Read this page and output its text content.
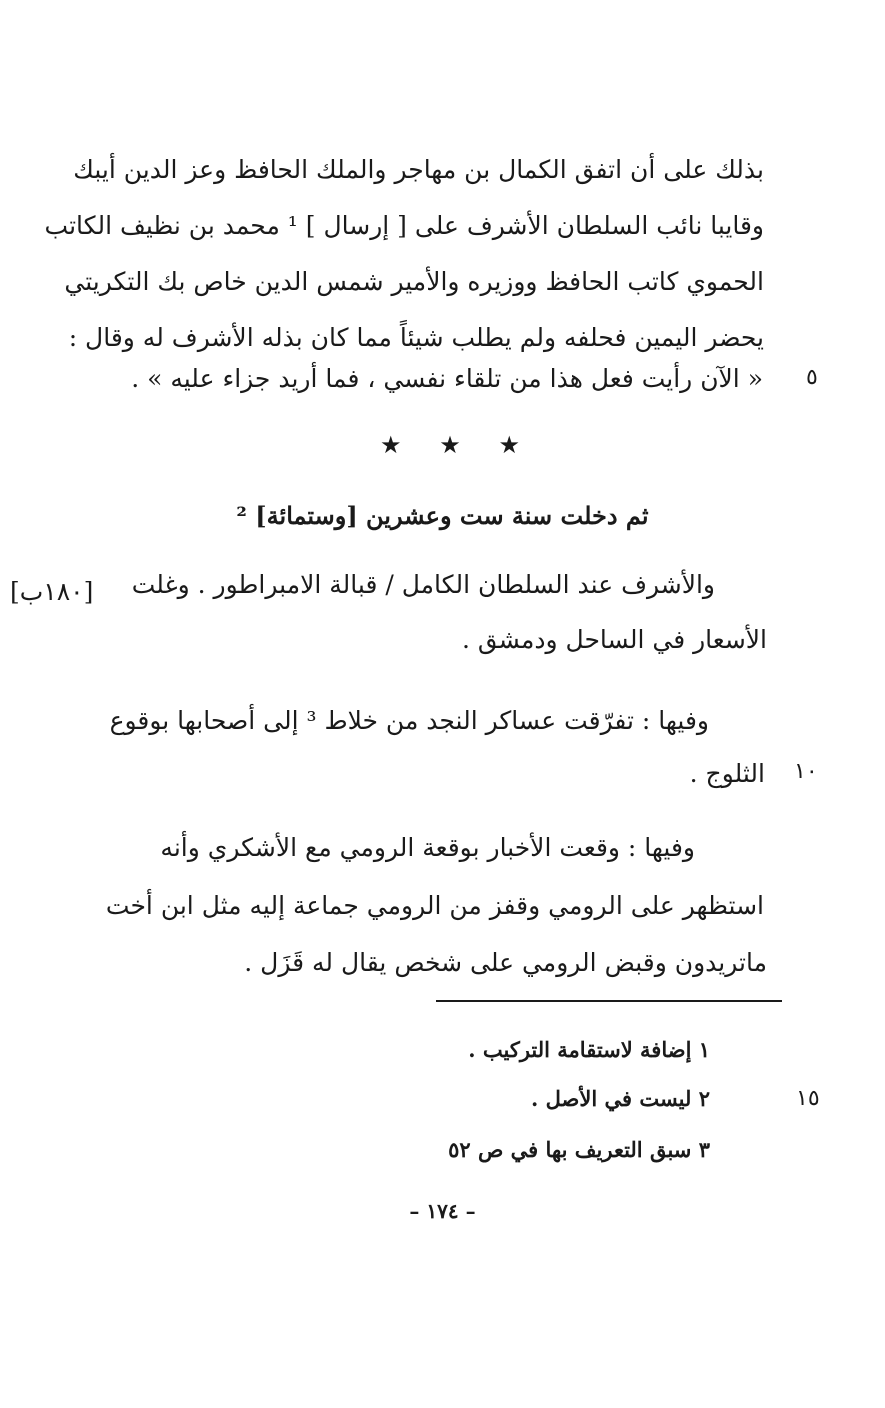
بذلك على أن اتفق الكمال بن مهاجر والملك الحافظ وعز الدين أيبك
وقايبا نائب السلطان الأشرف على [ إرسال ] ¹ محمد بن نظيف الكاتب
الحموي كاتب الحافظ ووزيره والأمير شمس الدين خاص بك التكريتي
يحضر اليمين فحلفه ولم يطلب شيئاً مما كان بذله الأشرف له وقال :
« الآن رأيت فعل هذا من تلقاء نفسي ، فما أريد جزاء عليه » . ٥
★ ★ ★
ثم دخلت سنة ست وعشرين [وستمائة] ²
والأشرف عند السلطان الكامل / قبالة الامبراطور . وغلت
[١٨٠ب]
الأسعار في الساحل ودمشق .
وفيها : تفرّقت عساكر النجد من خلاط ³ إلى أصحابها بوقوع
الثلوج . ١٠
وفيها : وقعت الأخبار بوقعة الرومي مع الأشكري وأنه
استظهر على الرومي وقفز من الرومي جماعة إليه مثل ابن أخت
ماتريدون وقبض الرومي على شخص يقال له قَزَل .
١ إضافة لاستقامة التركيب .
٢ ليست في الأصل .	١٥
٣ سبق التعريف بها في ص ٥٢
– ١٧٤ –
